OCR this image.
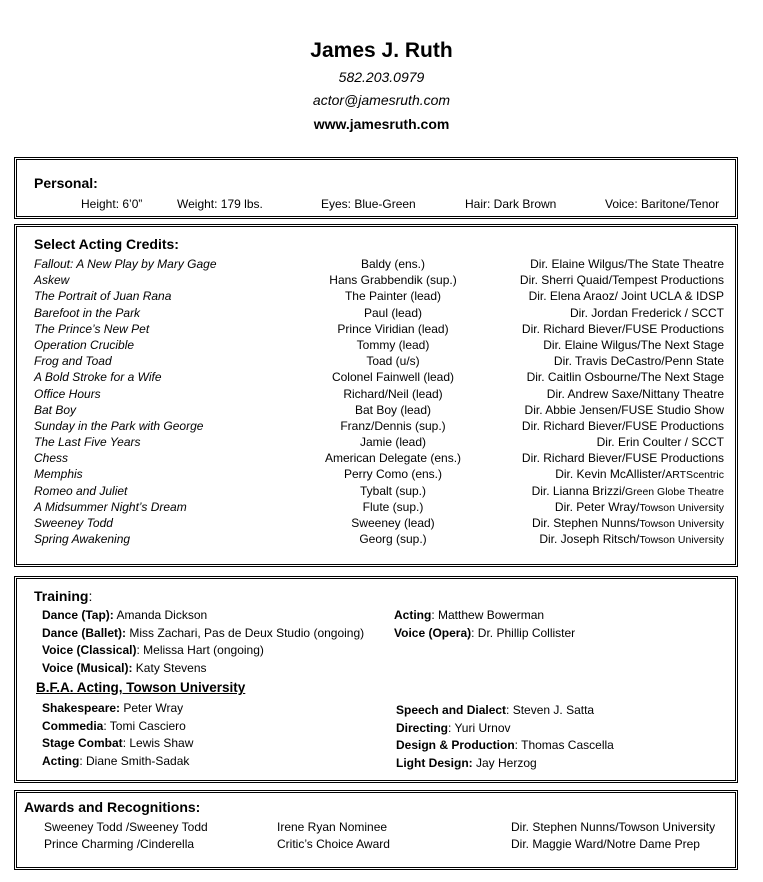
James J. Ruth
582.203.0979
actor@jamesruth.com
www.jamesruth.com
Personal:
Height: 6’0”	Weight: 179 lbs.	Eyes: Blue-Green	Hair: Dark Brown	Voice: Baritone/Tenor
Select Acting Credits:
Fallout: A New Play by Mary Gage	Baldy (ens.)	Dir. Elaine Wilgus/The State Theatre
Askew	Hans Grabbendik (sup.)	Dir. Sherri Quaid/Tempest Productions
The Portrait of Juan Rana	The Painter (lead)	Dir. Elena Araoz/ Joint UCLA & IDSP
Barefoot in the Park	Paul (lead)	Dir. Jordan Frederick / SCCT
The Prince’s New Pet	Prince Viridian (lead)	Dir. Richard Biever/FUSE Productions
Operation Crucible	Tommy (lead)	Dir. Elaine Wilgus/The Next Stage
Frog and Toad	Toad (u/s)	Dir. Travis DeCastro/Penn State
A Bold Stroke for a Wife	Colonel Fainwell (lead)	Dir. Caitlin Osbourne/The Next Stage
Office Hours	Richard/Neil (lead)	Dir. Andrew Saxe/Nittany Theatre
Bat Boy	Bat Boy (lead)	Dir. Abbie Jensen/FUSE Studio Show
Sunday in the Park with George	Franz/Dennis (sup.)	Dir. Richard Biever/FUSE Productions
The Last Five Years	Jamie (lead)	Dir. Erin Coulter / SCCT
Chess	American Delegate (ens.)	Dir. Richard Biever/FUSE Productions
Memphis	Perry Como (ens.)	Dir. Kevin McAllister/ARTScentric
Romeo and Juliet	Tybalt (sup.)	Dir. Lianna Brizzi/Green Globe Theatre
A Midsummer Night’s Dream	Flute (sup.)	Dir. Peter Wray/Towson University
Sweeney Todd	Sweeney (lead)	Dir. Stephen Nunns/Towson University
Spring Awakening	Georg (sup.)	Dir. Joseph Ritsch/Towson University
Training:
Dance (Tap): Amanda Dickson
Dance (Ballet): Miss Zachari, Pas de Deux Studio (ongoing)
Voice (Classical): Melissa Hart (ongoing)
Voice (Musical): Katy Stevens
Acting: Matthew Bowerman
Voice (Opera): Dr. Phillip Collister
B.F.A. Acting, Towson University
Shakespeare: Peter Wray
Commedia: Tomi Casciero
Stage Combat: Lewis Shaw
Acting: Diane Smith-Sadak
Speech and Dialect: Steven J. Satta
Directing: Yuri Urnov
Design & Production: Thomas Cascella
Light Design: Jay Herzog
Awards and Recognitions:
Sweeney Todd /Sweeney Todd	Irene Ryan Nominee	Dir. Stephen Nunns/Towson University
Prince Charming /Cinderella	Critic’s Choice Award	Dir. Maggie Ward/Notre Dame Prep
